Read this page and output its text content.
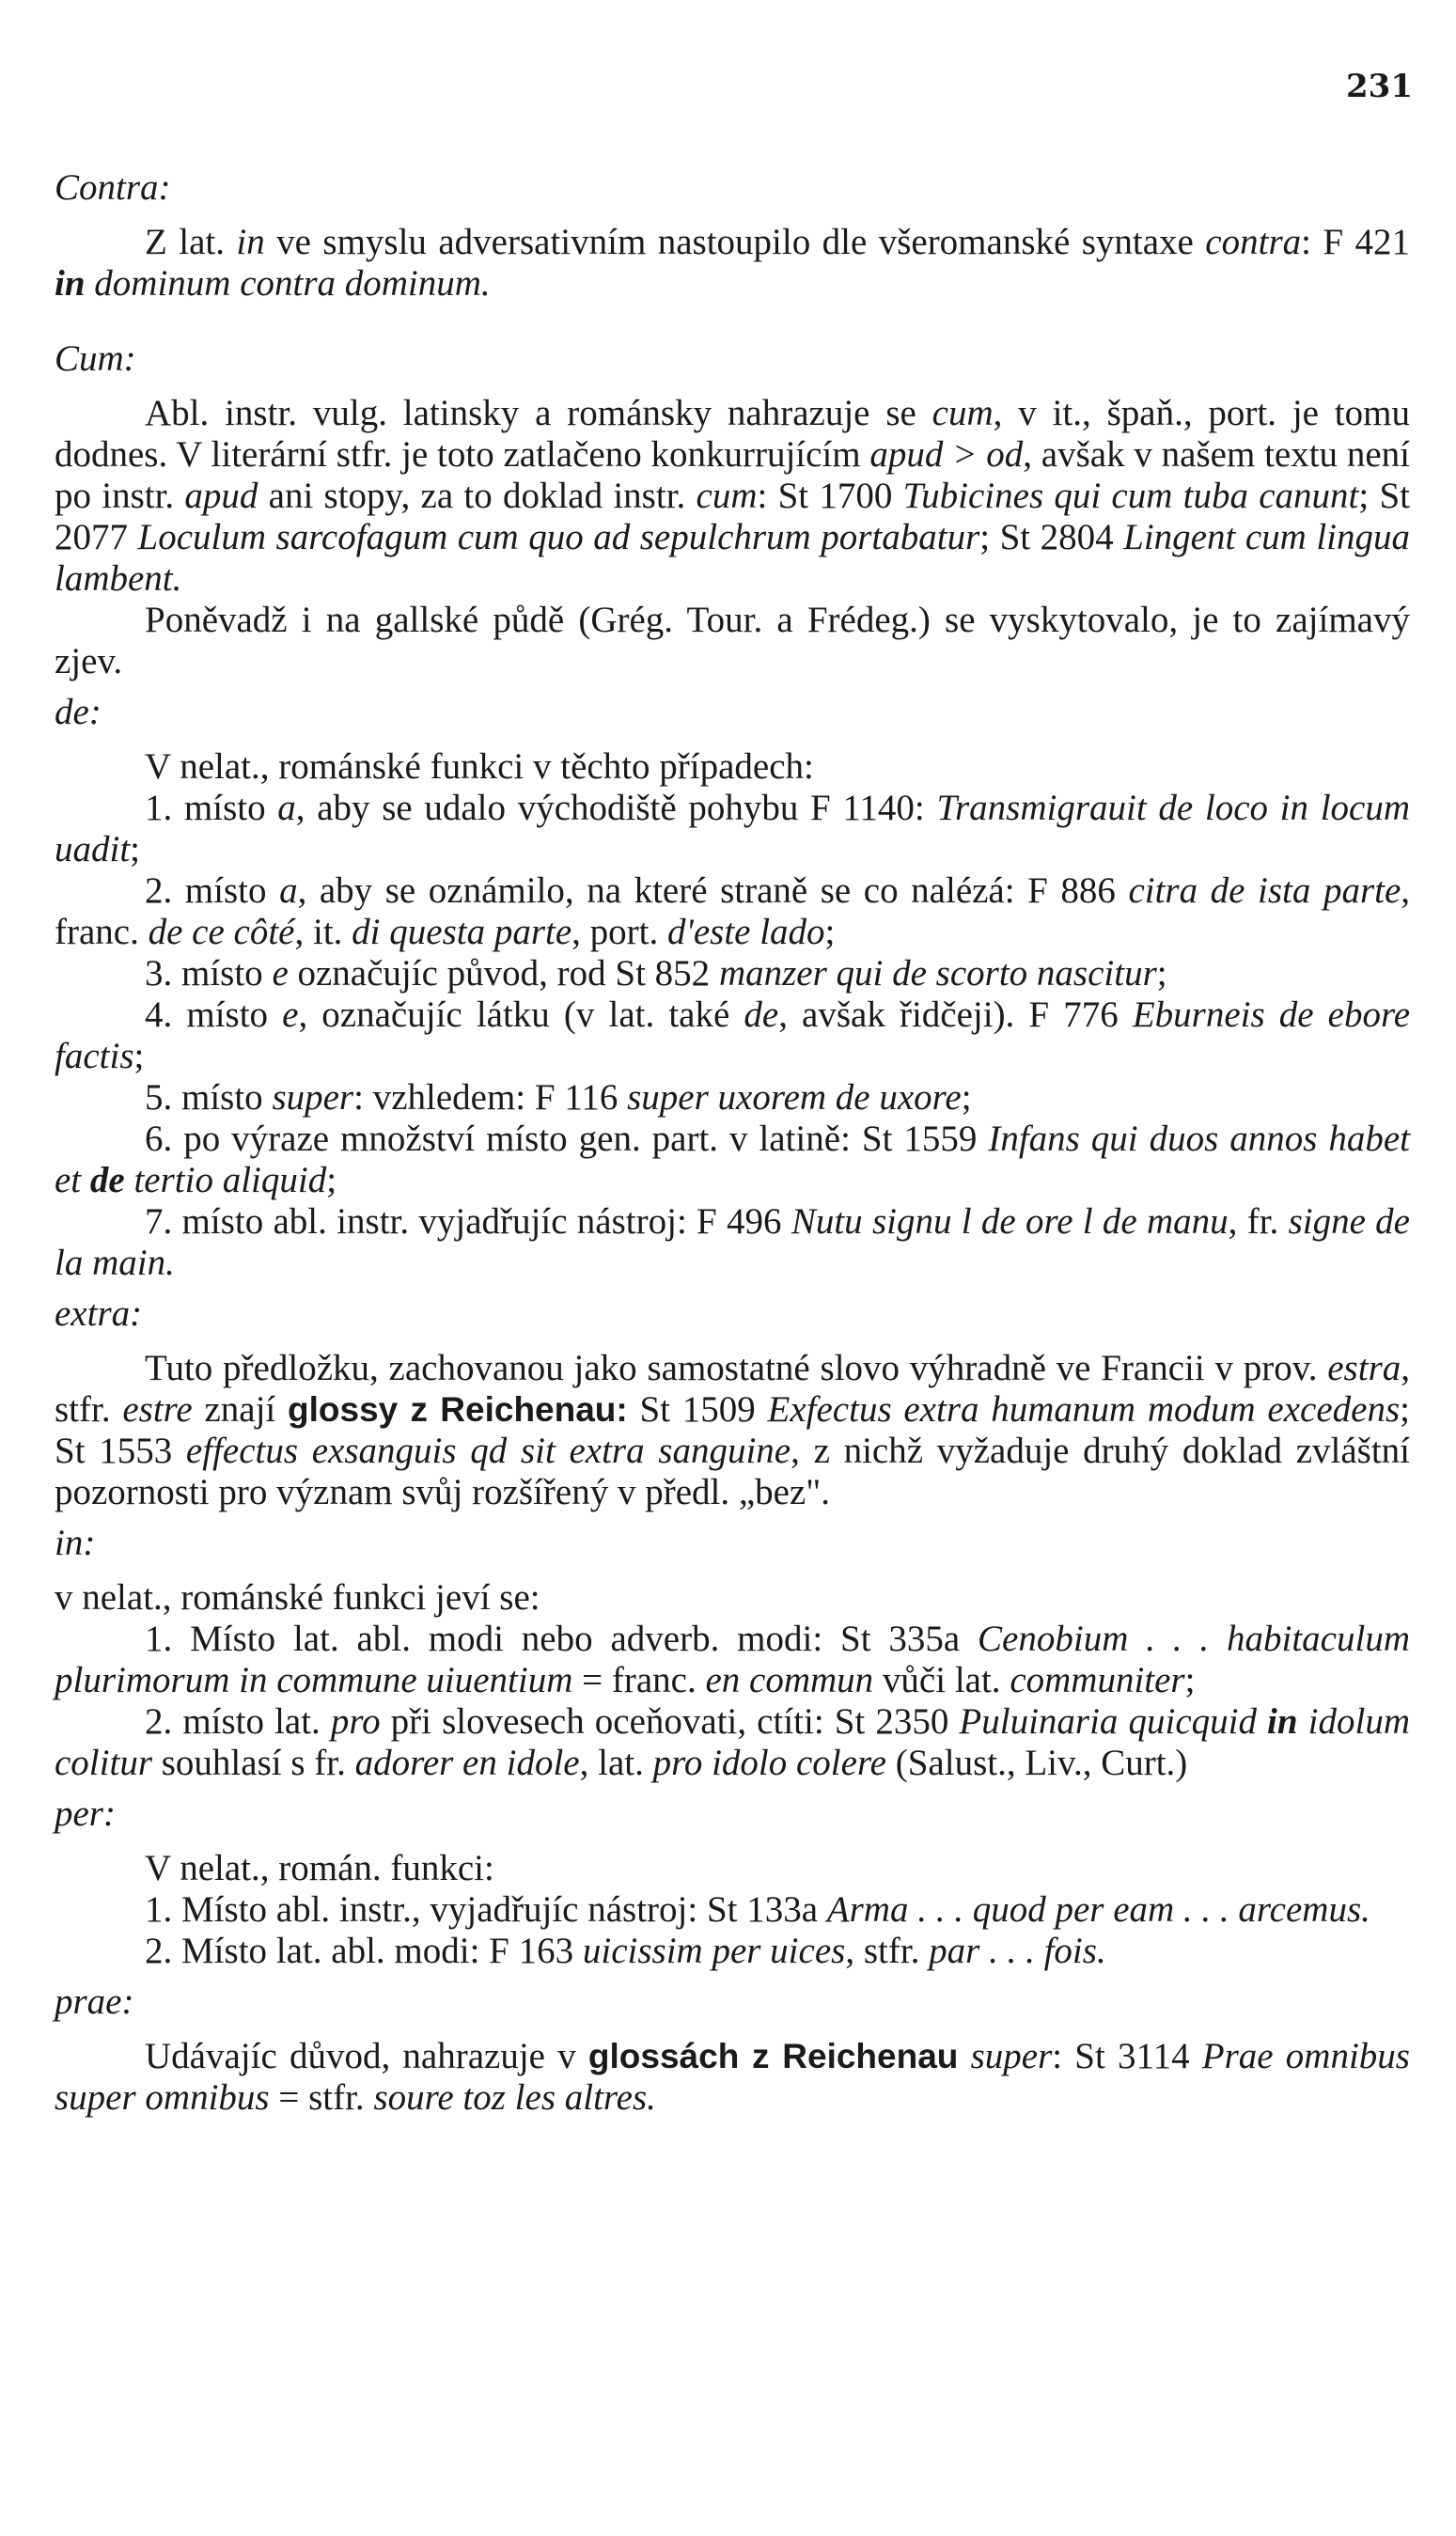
231

Contra:

Z lat. in ve smyslu adversativním nastoupilo dle všeromanské syntaxe contra: F 421 in dominum contra dominum.

Cum:

Abl. instr. vulg. latinsky a románsky nahrazuje se cum, v it., špaň., port. je tomu dodnes. V literární stfr. je toto zatlačeno konkurrujícím apud > od, avšak v našem textu není po instr. apud ani stopy, za to doklad instr. cum: St 1700 Tubicines qui cum tuba canunt; St 2077 Loculum sarcofagum cum quo ad sepulchrum portabatur; St 2804 Lingent cum lingua lambent.

Poněvadž i na gallské půdě (Grég. Tour. a Frédeg.) se vyskytovalo, je to zajímavý zjev.

de:

V nelat., románské funkci v těchto případech:

1. místo a, aby se udalo východiště pohybu F 1140: Transmigrauit de loco in locum uadit;

2. místo a, aby se oznámilo, na které straně se co nalézá: F 886 citra de ista parte, franc. de ce côté, it. di questa parte, port. d'este lado;

3. místo e označujíc původ, rod St 852 manzer qui de scorto nascitur;

4. místo e, označujíc látku (v lat. také de, avšak řidčeji). F 776 Eburneis de ebore factis;

5. místo super: vzhledem: F 116 super uxorem de uxore;

6. po výraze množství místo gen. part. v latině: St 1559 Infans qui duos annos habet et de tertio aliquid;

7. místo abl. instr. vyjadřujíc nástroj: F 496 Nutu signu l de ore l de manu, fr. signe de la main.

extra:

Tuto předložku, zachovanou jako samostatné slovo výhradně ve Francii v prov. estra, stfr. estre znají glossy z Reichenau: St 1509 Exfectus extra humanum modum excedens; St 1553 effectus exsanguis qd sit extra sanguine, z nichž vyžaduje druhý doklad zvláštní pozornosti pro význam svůj rozšířený v předl. „bez".

in:

v nelat., románské funkci jeví se:

1. Místo lat. abl. modi nebo adverb. modi: St 335a Cenobium . . . habitaculum plurimorum in commune uiuentium = franc. en commun vůči lat. communiter;

2. místo lat. pro při slovesech oceňovati, ctíti: St 2350 Puluinaria quicquid in idolum colitur souhlasí s fr. adorer en idole, lat. pro idolo colere (Salust., Liv., Curt.)

per:

V nelat., román. funkci:

1. Místo abl. instr., vyjadřujíc nástroj: St 133a Arma . . . quod per eam . . . arcemus.

2. Místo lat. abl. modi: F 163 uicissim per uices, stfr. par . . . fois.

prae:

Udávajíc důvod, nahrazuje v glossách z Reichenau super: St 3114 Prae omnibus super omnibus = stfr. soure toz les altres.
